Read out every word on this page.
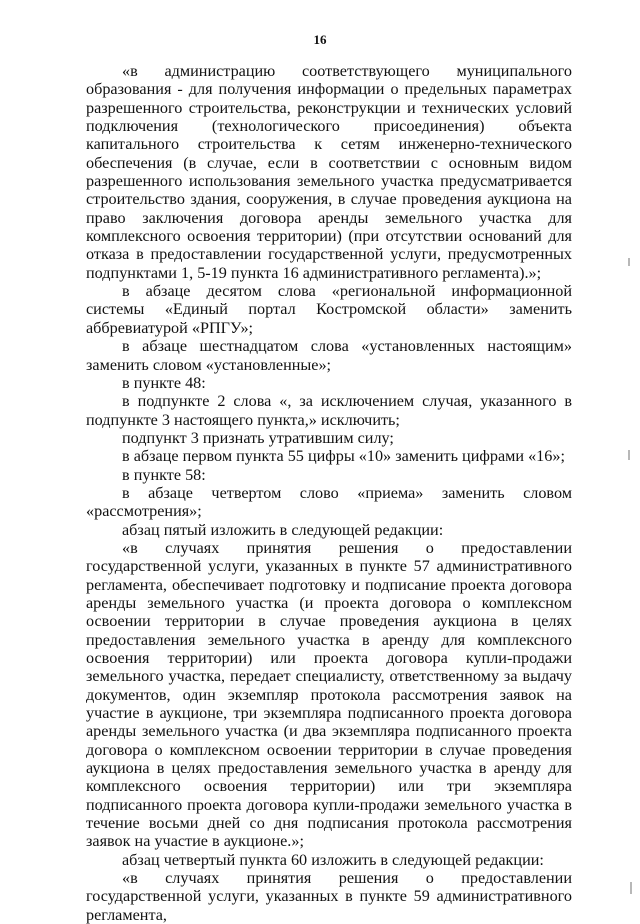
16

«в администрацию соответствующего муниципального образования - для получения информации о предельных параметрах разрешенного строительства, реконструкции и технических условий подключения (технологического присоединения) объекта капитального строительства к сетям инженерно-технического обеспечения (в случае, если в соответствии с основным видом разрешенного использования земельного участка предусматривается строительство здания, сооружения, в случае проведения аукциона на право заключения договора аренды земельного участка для комплексного освоения территории) (при отсутствии оснований для отказа в предоставлении государственной услуги, предусмотренных подпунктами 1, 5-19 пункта 16 административного регламента).»;

в абзаце десятом слова «региональной информационной системы «Единый портал Костромской области» заменить аббревиатурой «РПГУ»;

в абзаце шестнадцатом слова «установленных настоящим» заменить словом «установленные»;

в пункте 48:

в подпункте 2 слова «, за исключением случая, указанного в подпункте 3 настоящего пункта,» исключить;

подпункт 3 признать утратившим силу;

в абзаце первом пункта 55 цифры «10» заменить цифрами «16»;

в пункте 58:

в абзаце четвертом слово «приема» заменить словом «рассмотрения»;

абзац пятый изложить в следующей редакции:

«в случаях принятия решения о предоставлении государственной услуги, указанных в пункте 57 административного регламента, обеспечивает подготовку и подписание проекта договора аренды земельного участка (и проекта договора о комплексном освоении территории в случае проведения аукциона в целях предоставления земельного участка в аренду для комплексного освоения территории) или проекта договора купли-продажи земельного участка, передает специалисту, ответственному за выдачу документов, один экземпляр протокола рассмотрения заявок на участие в аукционе, три экземпляра подписанного проекта договора аренды земельного участка (и два экземпляра подписанного проекта договора о комплексном освоении территории в случае проведения аукциона в целях предоставления земельного участка в аренду для комплексного освоения территории) или три экземпляра подписанного проекта договора купли-продажи земельного участка в течение восьми дней со дня подписания протокола рассмотрения заявок на участие в аукционе.»;

абзац четвертый пункта 60 изложить в следующей редакции:

«в случаях принятия решения о предоставлении государственной услуги, указанных в пункте 59 административного регламента,
